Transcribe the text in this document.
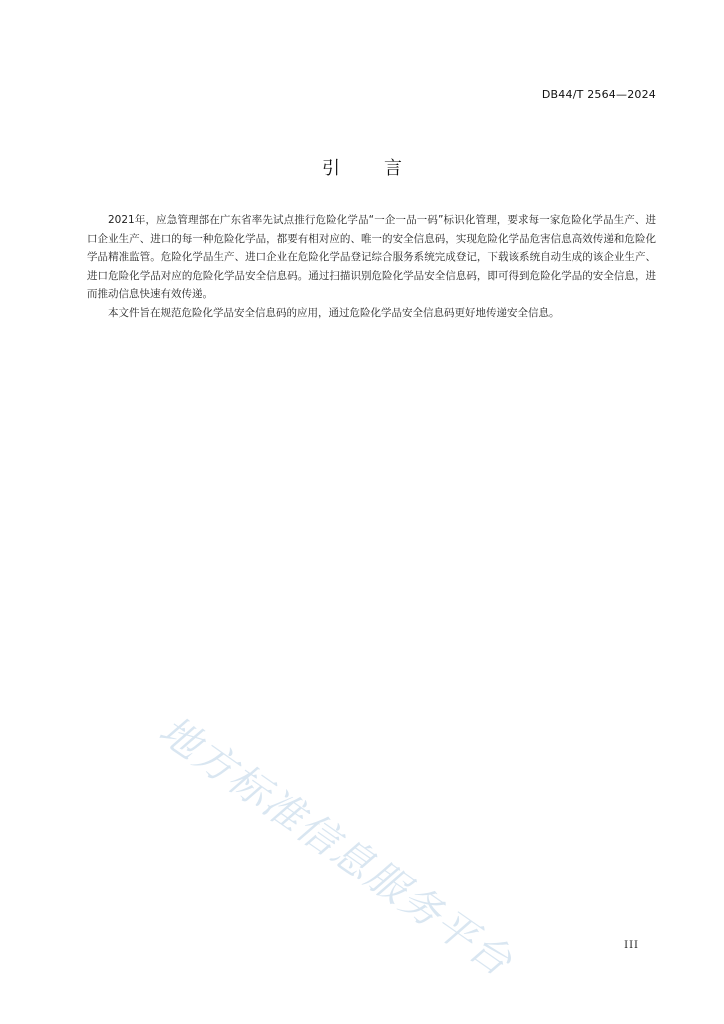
DB44/T 2564—2024
引言

2021年，应急管理部在广东省率先试点推行危险化学品“一企一品一码”标识化管理，要求每一家危险化学品生产、进口企业生产、进口的每一种危险化学品，都要有相对应的、唯一的安全信息码，实现危险化学品危害信息高效传递和危险化学品精准监管。危险化学品生产、进口企业在危险化学品登记综合服务系统完成登记，下载该系统自动生成的该企业生产、进口危险化学品对应的危险化学品安全信息码。通过扫描识别危险化学品安全信息码，即可得到危险化学品的安全信息，进而推动信息快速有效传递。

本文件旨在规范危险化学品安全信息码的应用，通过危险化学品安全信息码更好地传递安全信息。

地方标准信息服务平台	III
